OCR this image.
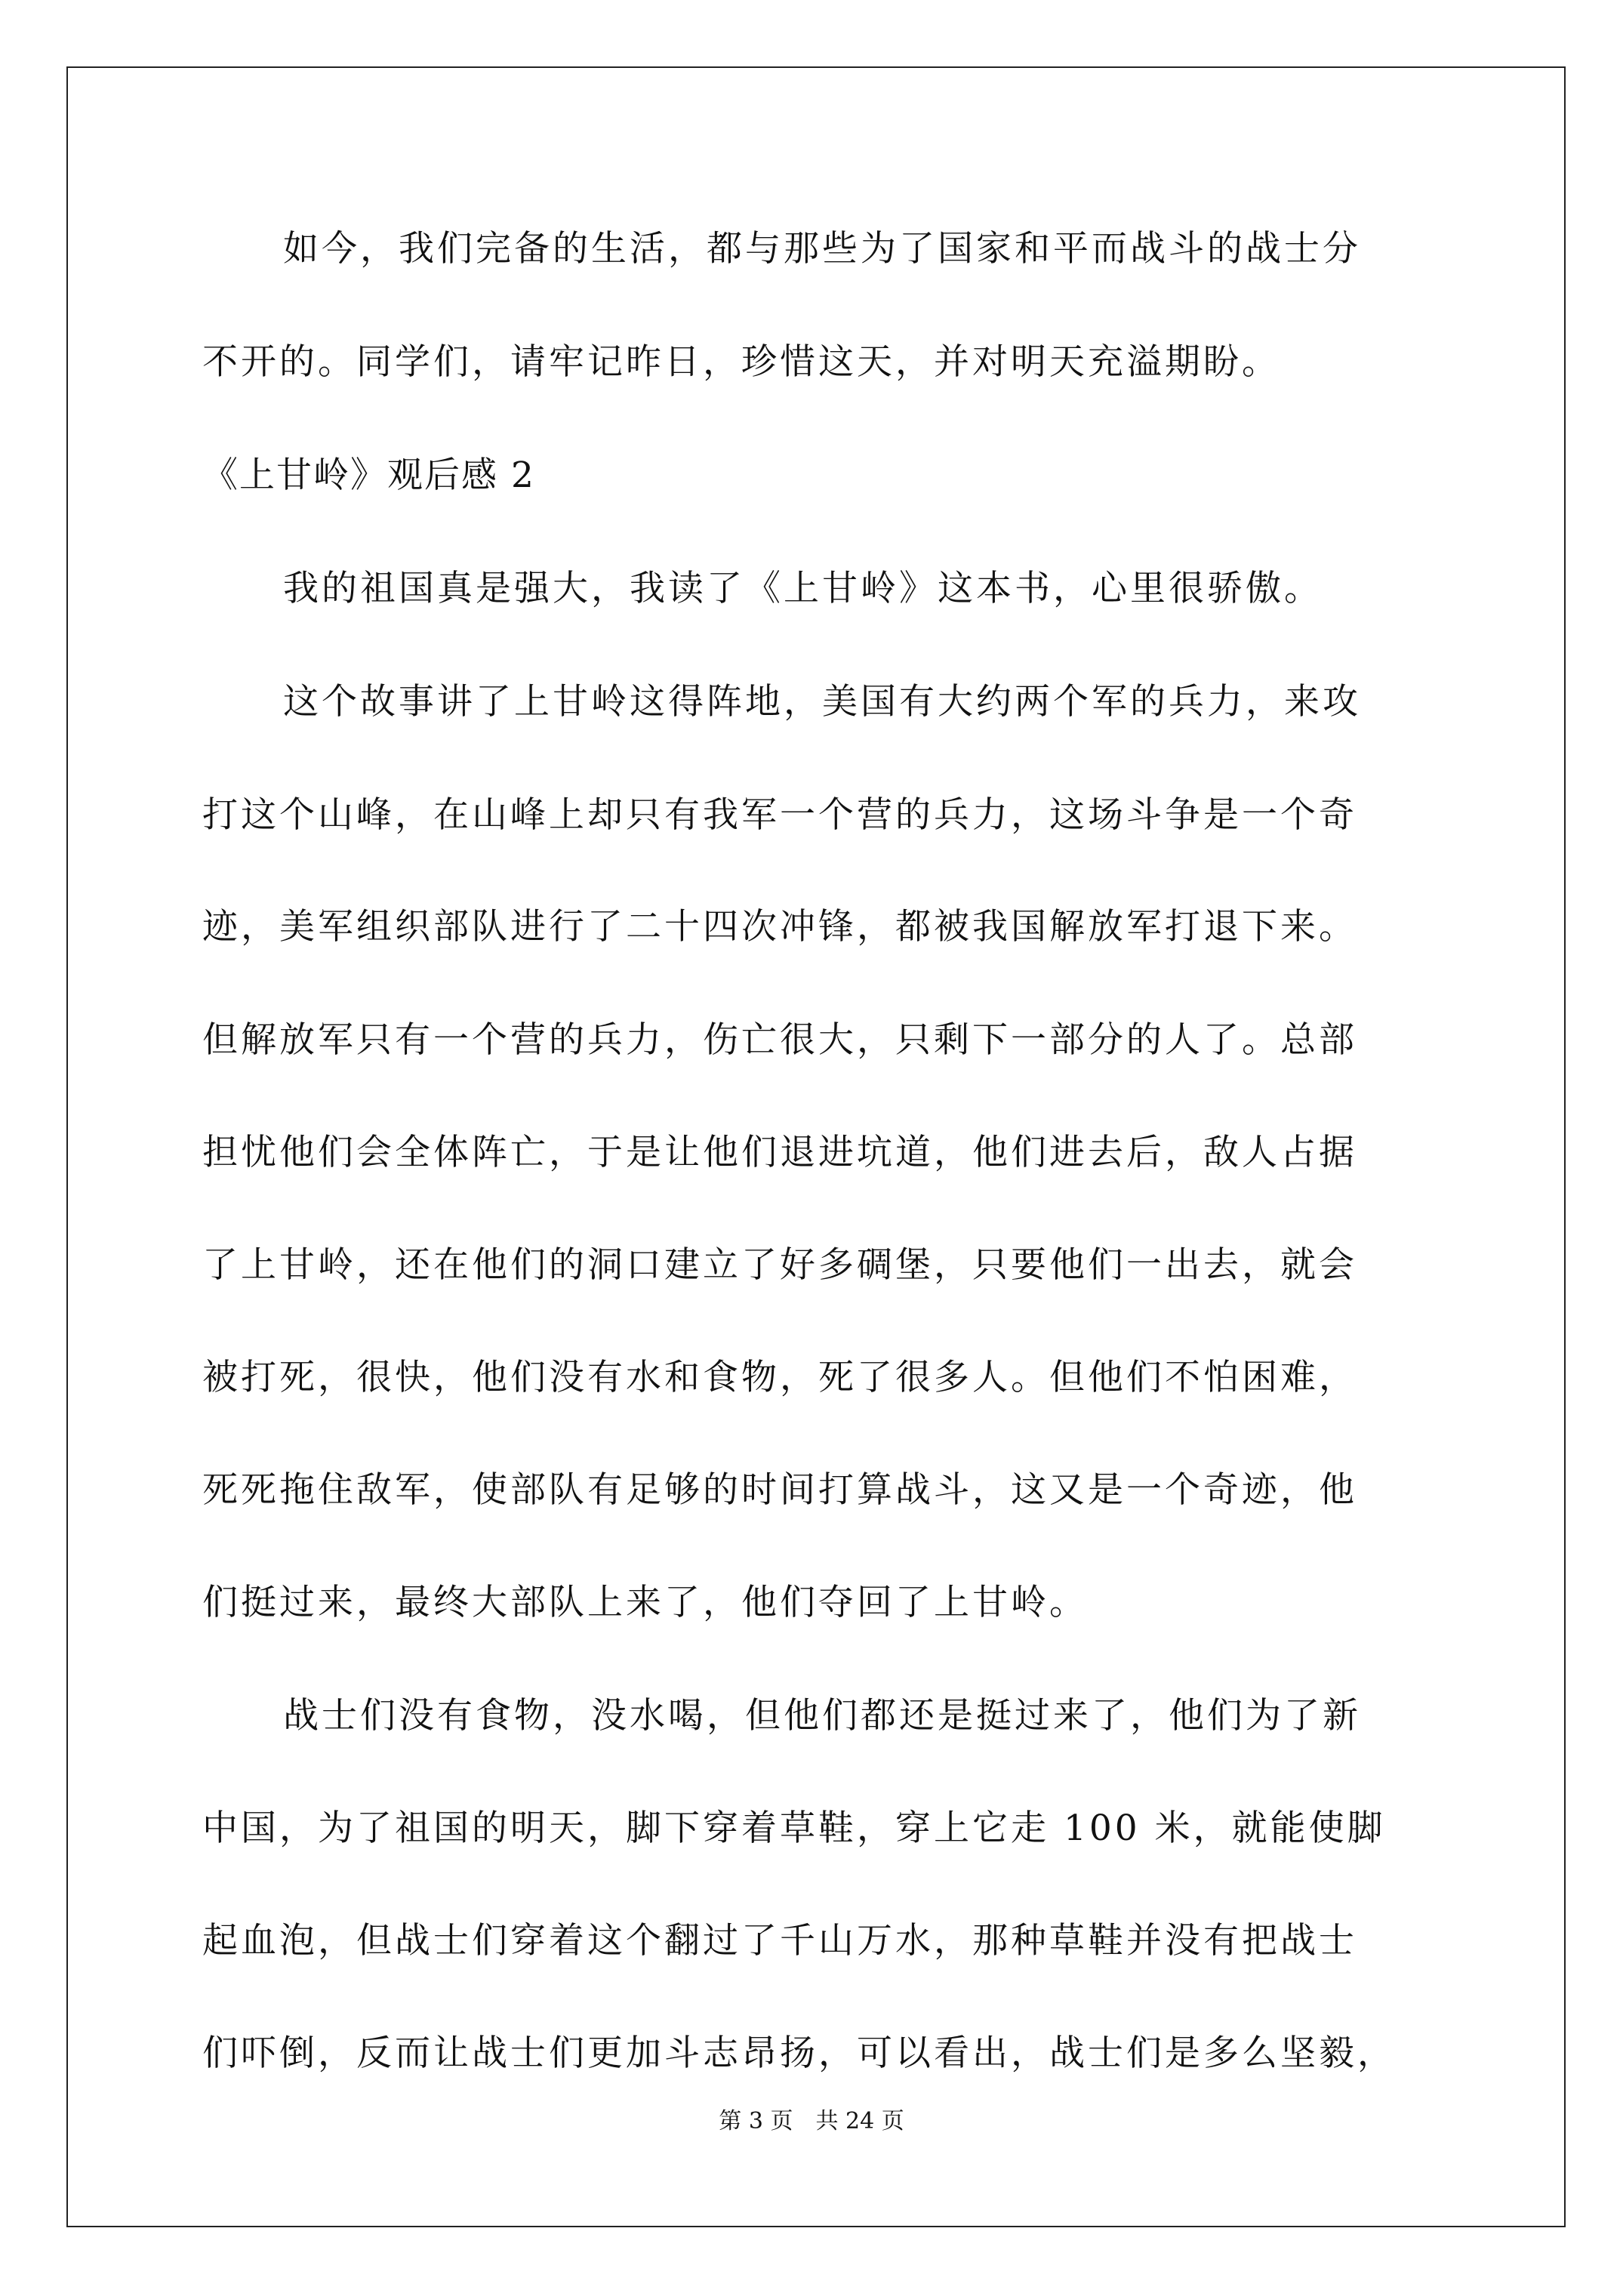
如今，我们完备的生活，都与那些为了国家和平而战斗的战士分
不开的。同学们，请牢记昨日，珍惜这天，并对明天充溢期盼。
《上甘岭》观后感 2
我的祖国真是强大，我读了《上甘岭》这本书，心里很骄傲。
这个故事讲了上甘岭这得阵地，美国有大约两个军的兵力，来攻
打这个山峰，在山峰上却只有我军一个营的兵力，这场斗争是一个奇
迹，美军组织部队进行了二十四次冲锋，都被我国解放军打退下来。
但解放军只有一个营的兵力，伤亡很大，只剩下一部分的人了。总部
担忧他们会全体阵亡，于是让他们退进坑道，他们进去后，敌人占据
了上甘岭，还在他们的洞口建立了好多碉堡，只要他们一出去，就会
被打死，很快，他们没有水和食物，死了很多人。但他们不怕困难，
死死拖住敌军，使部队有足够的时间打算战斗，这又是一个奇迹，他
们挺过来，最终大部队上来了，他们夺回了上甘岭。
战士们没有食物，没水喝，但他们都还是挺过来了，他们为了新
中国，为了祖国的明天，脚下穿着草鞋，穿上它走 100 米，就能使脚
起血泡，但战士们穿着这个翻过了千山万水，那种草鞋并没有把战士
们吓倒，反而让战士们更加斗志昂扬，可以看出，战士们是多么坚毅，
第 3 页　共 24 页
